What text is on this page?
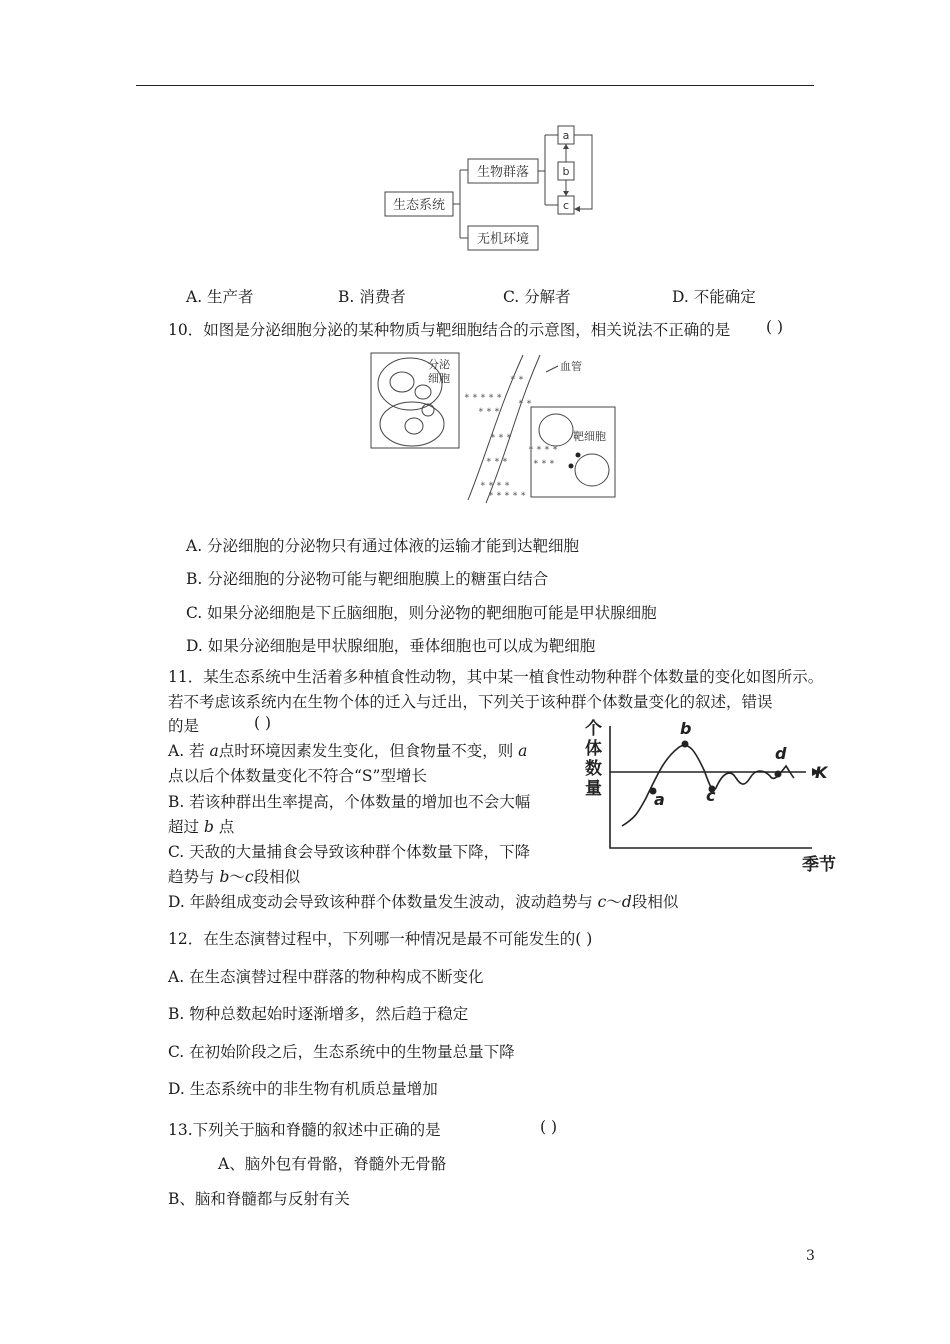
生态系统
生物群落
无机环境
a
b
c
A. 生产者	B. 消费者	C. 分解者	D. 不能确定
10．如图是分泌细胞分泌的某种物质与靶细胞结合的示意图，相关说法不正确的是 ( )
∗ ∗ ∗ ∗ ∗
∗ ∗ ∗
∗ ∗ ∗
∗ ∗ ∗
∗ ∗ ∗ ∗
∗ ∗
∗ ∗
∗ ∗ ∗ ∗
∗ ∗ ∗
∗ ∗ ∗ ∗ ∗
分泌
细胞
血管
靶细胞
A. 分泌细胞的分泌物只有通过体液的运输才能到达靶细胞
B. 分泌细胞的分泌物可能与靶细胞膜上的糖蛋白结合
C. 如果分泌细胞是下丘脑细胞，则分泌物的靶细胞可能是甲状腺细胞
D. 如果分泌细胞是甲状腺细胞，垂体细胞也可以成为靶细胞
11．某生态系统中生活着多种植食性动物，其中某一植食性动物种群个体数量的变化如图所示。
若不考虑该系统内在生物个体的迁入与迁出，下列关于该种群个体数量变化的叙述，错误
的是	( )
A. 若 a点时环境因素发生变化，但食物量不变，则 a
点以后个体数量变化不符合“S”型增长
B. 若该种群出生率提高，个体数量的增加也不会大幅
超过 b 点
C. 天敌的大量捕食会导致该种群个体数量下降，下降
趋势与 b～c段相似
D. 年龄组成变动会导致该种群个体数量发生波动，波动趋势与 c～d段相似
个
体
数
量
季节
K
a
b
c
d
12．在生态演替过程中，下列哪一种情况是最不可能发生的( )
A. 在生态演替过程中群落的物种构成不断变化
B. 物种总数起始时逐渐增多，然后趋于稳定
C. 在初始阶段之后，生态系统中的生物量总量下降
D. 生态系统中的非生物有机质总量增加
13.下列关于脑和脊髓的叙述中正确的是	( )
A、脑外包有骨骼，脊髓外无骨骼
B、脑和脊髓都与反射有关
3
